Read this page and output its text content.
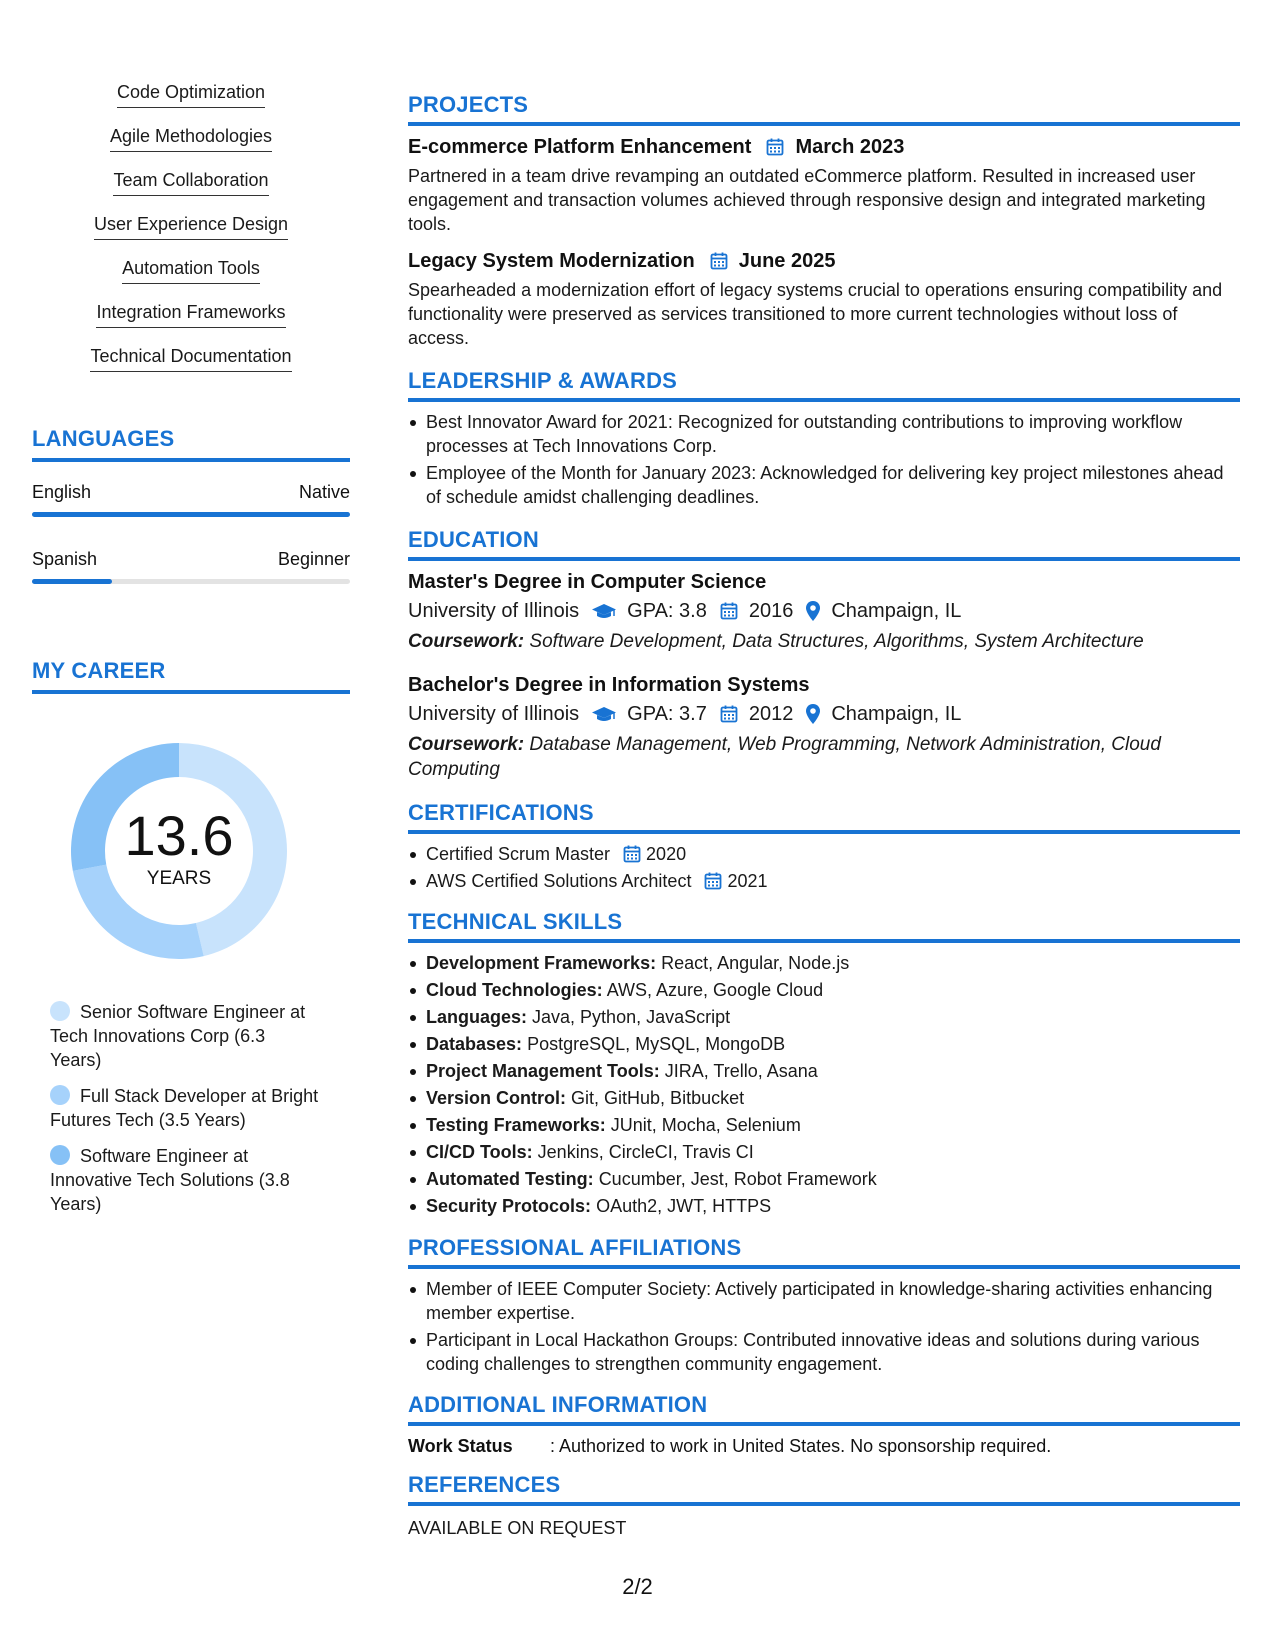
Code Optimization
Agile Methodologies
Team Collaboration
User Experience Design
Automation Tools
Integration Frameworks
Technical Documentation
LANGUAGES
English	Native
Spanish	Beginner
MY CAREER
13.6
YEARS
Senior Software Engineer at Tech Innovations Corp (6.3 Years)
Full Stack Developer at Bright Futures Tech (3.5 Years)
Software Engineer at Innovative Tech Solutions (3.8 Years)
PROJECTS
E-commerce Platform Enhancement March 2023
Partnered in a team drive revamping an outdated eCommerce platform. Resulted in increased user engagement and transaction volumes achieved through responsive design and integrated marketing tools.
Legacy System Modernization June 2025
Spearheaded a modernization effort of legacy systems crucial to operations ensuring compatibility and functionality were preserved as services transitioned to more current technologies without loss of access.
LEADERSHIP & AWARDS
Best Innovator Award for 2021: Recognized for outstanding contributions to improving workflow processes at Tech Innovations Corp.
Employee of the Month for January 2023: Acknowledged for delivering key project milestones ahead of schedule amidst challenging deadlines.
EDUCATION
Master's Degree in Computer Science
University of Illinois GPA: 3.8 2016 Champaign, IL
Coursework: Software Development, Data Structures, Algorithms, System Architecture
Bachelor's Degree in Information Systems
University of Illinois GPA: 3.7 2012 Champaign, IL
Coursework: Database Management, Web Programming, Network Administration, Cloud Computing
CERTIFICATIONS
Certified Scrum Master 2020
AWS Certified Solutions Architect 2021
TECHNICAL SKILLS
Development Frameworks: React, Angular, Node.js
Cloud Technologies: AWS, Azure, Google Cloud
Languages: Java, Python, JavaScript
Databases: PostgreSQL, MySQL, MongoDB
Project Management Tools: JIRA, Trello, Asana
Version Control: Git, GitHub, Bitbucket
Testing Frameworks: JUnit, Mocha, Selenium
CI/CD Tools: Jenkins, CircleCI, Travis CI
Automated Testing: Cucumber, Jest, Robot Framework
Security Protocols: OAuth2, JWT, HTTPS
PROFESSIONAL AFFILIATIONS
Member of IEEE Computer Society: Actively participated in knowledge-sharing activities enhancing member expertise.
Participant in Local Hackathon Groups: Contributed innovative ideas and solutions during various coding challenges to strengthen community engagement.
ADDITIONAL INFORMATION
Work Status	: Authorized to work in United States. No sponsorship required.
REFERENCES
AVAILABLE ON REQUEST
2/2
